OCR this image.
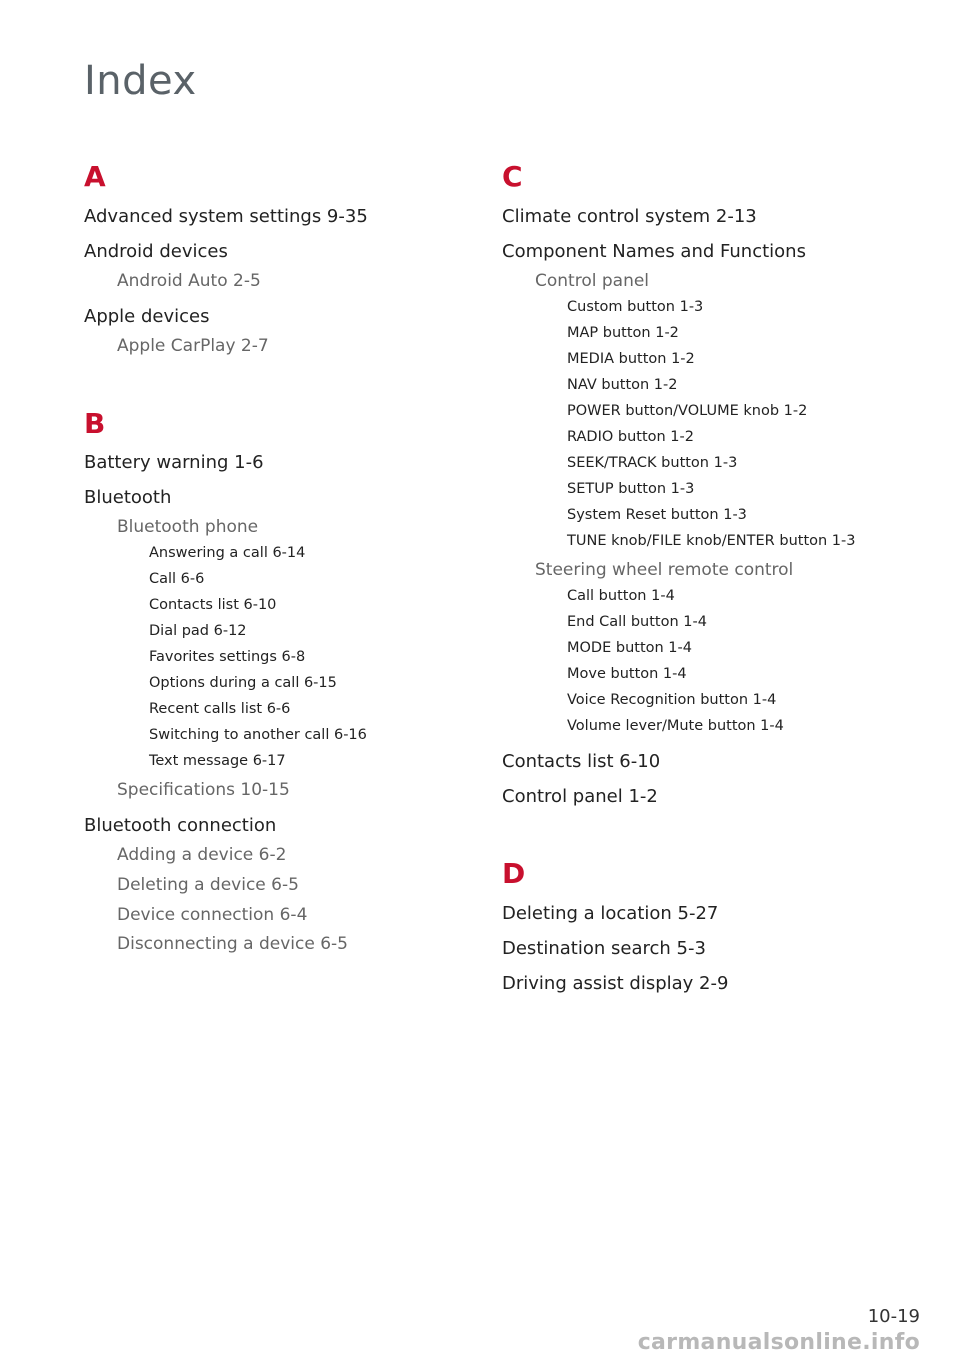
Index
A

Advanced system settings 9-35

Android devices

Android Auto 2-5

Apple devices

Apple CarPlay 2-7

B

Battery warning 1-6

Bluetooth

Bluetooth phone

Answering a call 6-14

Call 6-6

Contacts list 6-10

Dial pad 6-12

Favorites settings 6-8

Options during a call 6-15

Recent calls list 6-6

Switching to another call 6-16

Text message 6-17

Specifications 10-15

Bluetooth connection

Adding a device 6-2

Deleting a device 6-5

Device connection 6-4

Disconnecting a device 6-5

C

Climate control system 2-13

Component Names and Functions

Control panel

Custom button 1-3

MAP button 1-2

MEDIA button 1-2

NAV button 1-2

POWER button/VOLUME knob 1-2

RADIO button 1-2

SEEK/TRACK button 1-3

SETUP button 1-3

System Reset button 1-3

TUNE knob/FILE knob/ENTER button 1-3

Steering wheel remote control

Call button 1-4

End Call button 1-4

MODE button 1-4

Move button 1-4

Voice Recognition button 1-4

Volume lever/Mute button 1-4

Contacts list 6-10

Control panel 1-2

D

Deleting a location 5-27

Destination search 5-3

Driving assist display 2-9

10-19

carmanualsonline.info
